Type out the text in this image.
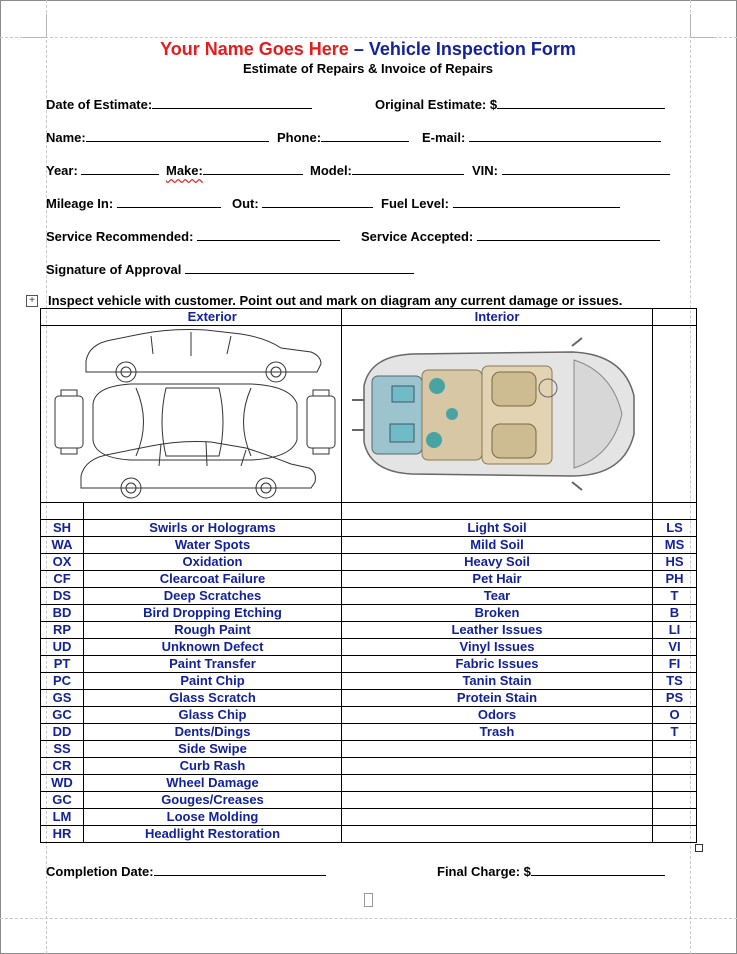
Your Name Goes Here – Vehicle Inspection Form
Estimate of Repairs & Invoice of Repairs
Date of Estimate:	Original Estimate: $
Name:	Phone:	E-mail:
Year:	Make:	Model:	VIN:
Mileage In:	Out:	Fuel Level:
Service Recommended:	Service Accepted:
Signature of Approval
+ Inspect vehicle with customer. Point out and mark on diagram any current damage or issues.
	Exterior	Interior	

SH	Swirls or Holograms	Light Soil	LS
WA	Water Spots	Mild Soil	MS
OX	Oxidation	Heavy Soil	HS
CF	Clearcoat Failure	Pet Hair	PH
DS	Deep Scratches	Tear	T
BD	Bird Dropping Etching	Broken	B
RP	Rough Paint	Leather Issues	LI
UD	Unknown Defect	Vinyl Issues	VI
PT	Paint Transfer	Fabric Issues	FI
PC	Paint Chip	Tanin Stain	TS
GS	Glass Scratch	Protein Stain	PS
GC	Glass Chip	Odors	O
DD	Dents/Dings	Trash	T
SS	Side Swipe		
CR	Curb Rash		
WD	Wheel Damage		
GC	Gouges/Creases		
LM	Loose Molding		
HR	Headlight Restoration		
Completion Date:	Final Charge: $
